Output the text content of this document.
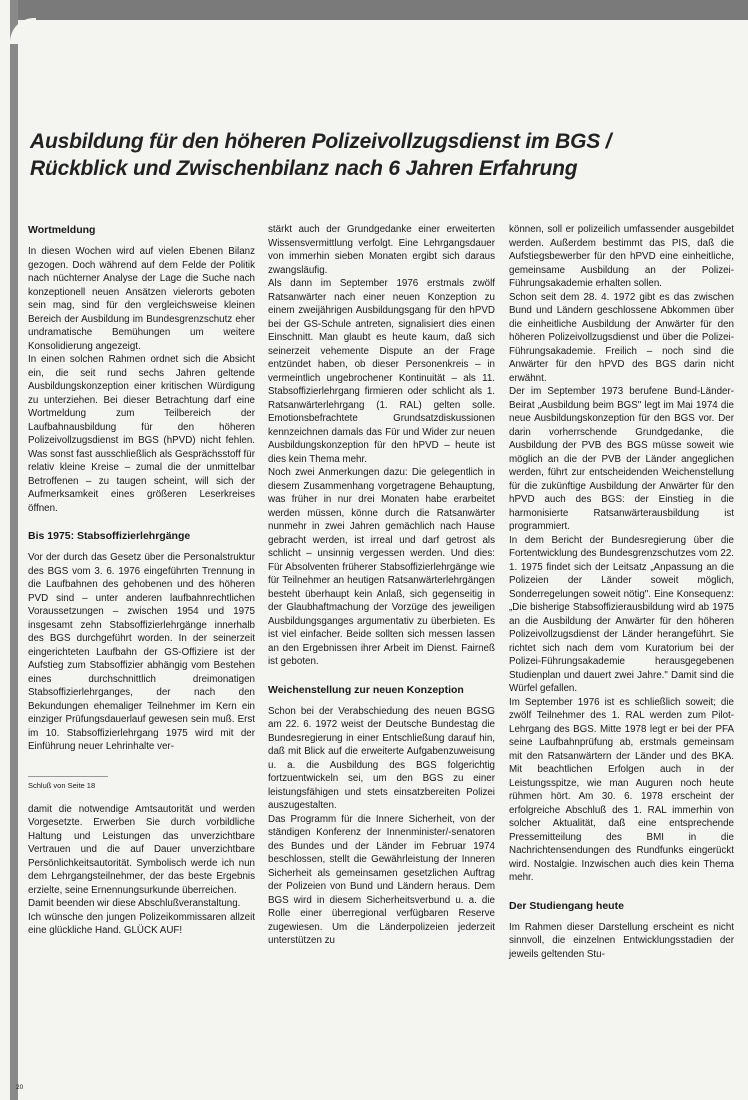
Ausbildung für den höheren Polizeivollzugsdienst im BGS /
Rückblick und Zwischenbilanz nach 6 Jahren Erfahrung
Wortmeldung

In diesen Wochen wird auf vielen Ebenen Bilanz gezogen. Doch während auf dem Felde der Politik nach nüchterner Analyse der Lage die Suche nach konzeptionell neuen Ansätzen vielerorts geboten sein mag, sind für den vergleichsweise kleinen Bereich der Ausbildung im Bundesgrenzschutz eher undramatische Bemühungen um weitere Konsolidierung angezeigt.

In einen solchen Rahmen ordnet sich die Absicht ein, die seit rund sechs Jahren geltende Ausbildungskonzeption einer kritischen Würdigung zu unterziehen. Bei dieser Betrachtung darf eine Wortmeldung zum Teilbereich der Laufbahnausbildung für den höheren Polizeivollzugsdienst im BGS (hPVD) nicht fehlen. Was sonst fast ausschließlich als Gesprächsstoff für relativ kleine Kreise – zumal die der unmittelbar Betroffenen – zu taugen scheint, will sich der Aufmerksamkeit eines größeren Leserkreises öffnen.

Bis 1975: Stabsoffizierlehrgänge

Vor der durch das Gesetz über die Personalstruktur des BGS vom 3. 6. 1976 eingeführten Trennung in die Laufbahnen des gehobenen und des höheren PVD sind – unter anderen laufbahnrechtlichen Voraussetzungen – zwischen 1954 und 1975 insgesamt zehn Stabsoffizierlehrgänge innerhalb des BGS durchgeführt worden. In der seinerzeit eingerichteten Laufbahn der GS-Offiziere ist der Aufstieg zum Stabsoffizier abhängig vom Bestehen eines durchschnittlich dreimonatigen Stabsoffizierlehrganges, der nach den Bekundungen ehemaliger Teilnehmer im Kern ein einziger Prüfungsdauerlauf gewesen sein muß. Erst im 10. Stabsoffizierlehrgang 1975 wird mit der Einführung neuer Lehrinhalte ver-

Schluß von Seite 18

damit die notwendige Amtsautorität und werden Vorgesetzte. Erwerben Sie durch vorbildliche Haltung und Leistungen das unverzichtbare Vertrauen und die auf Dauer unverzichtbare Persönlichkeitsautorität. Symbolisch werde ich nun dem Lehrgangsteilnehmer, der das beste Ergebnis erzielte, seine Ernennungsurkunde überreichen.

Damit beenden wir diese Abschlußveranstaltung.

Ich wünsche den jungen Polizeikommissaren allzeit eine glückliche Hand. GLÜCK AUF!

stärkt auch der Grundgedanke einer erweiterten Wissensvermittlung verfolgt. Eine Lehrgangsdauer von immerhin sieben Monaten ergibt sich daraus zwangsläufig.

Als dann im September 1976 erstmals zwölf Ratsanwärter nach einer neuen Konzeption zu einem zweijährigen Ausbildungsgang für den hPVD bei der GS-Schule antreten, signalisiert dies einen Einschnitt. Man glaubt es heute kaum, daß sich seinerzeit vehemente Dispute an der Frage entzündet haben, ob dieser Personenkreis – in vermeintlich ungebrochener Kontinuität – als 11. Stabsoffizierlehrgang firmieren oder schlicht als 1. Ratsanwärterlehrgang (1. RAL) gelten solle. Emotionsbefrachtete Grundsatzdiskussionen kennzeichnen damals das Für und Wider zur neuen Ausbildungskonzeption für den hPVD – heute ist dies kein Thema mehr.

Noch zwei Anmerkungen dazu: Die gelegentlich in diesem Zusammenhang vorgetragene Behauptung, was früher in nur drei Monaten habe erarbeitet werden müssen, könne durch die Ratsanwärter nunmehr in zwei Jahren gemächlich nach Hause gebracht werden, ist irreal und darf getrost als schlicht – unsinnig vergessen werden. Und dies: Für Absolventen früherer Stabsoffizierlehrgänge wie für Teilnehmer an heutigen Ratsanwärterlehrgängen besteht überhaupt kein Anlaß, sich gegenseitig in der Glaubhaftmachung der Vorzüge des jeweiligen Ausbildungsganges argumentativ zu überbieten. Es ist viel einfacher. Beide sollten sich messen lassen an den Ergebnissen ihrer Arbeit im Dienst. Fairneß ist geboten.

Weichenstellung zur neuen Konzeption

Schon bei der Verabschiedung des neuen BGSG am 22. 6. 1972 weist der Deutsche Bundestag die Bundesregierung in einer Entschließung darauf hin, daß mit Blick auf die erweiterte Aufgabenzuweisung u. a. die Ausbildung des BGS folgerichtig fortzuentwickeln sei, um den BGS zu einer leistungsfähigen und stets einsatzbereiten Polizei auszugestalten.

Das Programm für die Innere Sicherheit, von der ständigen Konferenz der Innenminister/-senatoren des Bundes und der Länder im Februar 1974 beschlossen, stellt die Gewährleistung der Inneren Sicherheit als gemeinsamen gesetzlichen Auftrag der Polizeien von Bund und Ländern heraus. Dem BGS wird in diesem Sicherheitsverbund u. a. die Rolle einer überregional verfügbaren Reserve zugewiesen. Um die Länderpolizeien jederzeit unterstützen zu

können, soll er polizeilich umfassender ausgebildet werden. Außerdem bestimmt das PIS, daß die Aufstiegsbewerber für den hPVD eine einheitliche, gemeinsame Ausbildung an der Polizei-Führungsakademie erhalten sollen.

Schon seit dem 28. 4. 1972 gibt es das zwischen Bund und Ländern geschlossene Abkommen über die einheitliche Ausbildung der Anwärter für den höheren Polizeivollzugsdienst und über die Polizei-Führungsakademie. Freilich – noch sind die Anwärter für den hPVD des BGS darin nicht erwähnt.

Der im September 1973 berufene Bund-Länder-Beirat „Ausbildung beim BGS" legt im Mai 1974 die neue Ausbildungskonzeption für den BGS vor. Der darin vorherrschende Grundgedanke, die Ausbildung der PVB des BGS müsse soweit wie möglich an die der PVB der Länder angeglichen werden, führt zur entscheidenden Weichenstellung für die zukünftige Ausbildung der Anwärter für den hPVD auch des BGS: der Einstieg in die harmonisierte Ratsanwärterausbildung ist programmiert.

In dem Bericht der Bundesregierung über die Fortentwicklung des Bundesgrenzschutzes vom 22. 1. 1975 findet sich der Leitsatz „Anpassung an die Polizeien der Länder soweit möglich, Sonderregelungen soweit nötig". Eine Konsequenz: „Die bisherige Stabsoffizierausbildung wird ab 1975 an die Ausbildung der Anwärter für den höheren Polizeivollzugsdienst der Länder herangeführt. Sie richtet sich nach dem vom Kuratorium bei der Polizei-Führungsakademie herausgegebenen Studienplan und dauert zwei Jahre." Damit sind die Würfel gefallen.

Im September 1976 ist es schließlich soweit; die zwölf Teilnehmer des 1. RAL werden zum Pilot-Lehrgang des BGS. Mitte 1978 legt er bei der PFA seine Laufbahnprüfung ab, erstmals gemeinsam mit den Ratsanwärtern der Länder und des BKA. Mit beachtlichen Erfolgen auch in der Leistungsspitze, wie man Auguren noch heute rühmen hört. Am 30. 6. 1978 erscheint der erfolgreiche Abschluß des 1. RAL immerhin von solcher Aktualität, daß eine entsprechende Pressemitteilung des BMI in die Nachrichtensendungen des Rundfunks eingerückt wird. Nostalgie. Inzwischen auch dies kein Thema mehr.

Der Studiengang heute

Im Rahmen dieser Darstellung erscheint es nicht sinnvoll, die einzelnen Entwicklungsstadien der jeweils geltenden Stu-

20
